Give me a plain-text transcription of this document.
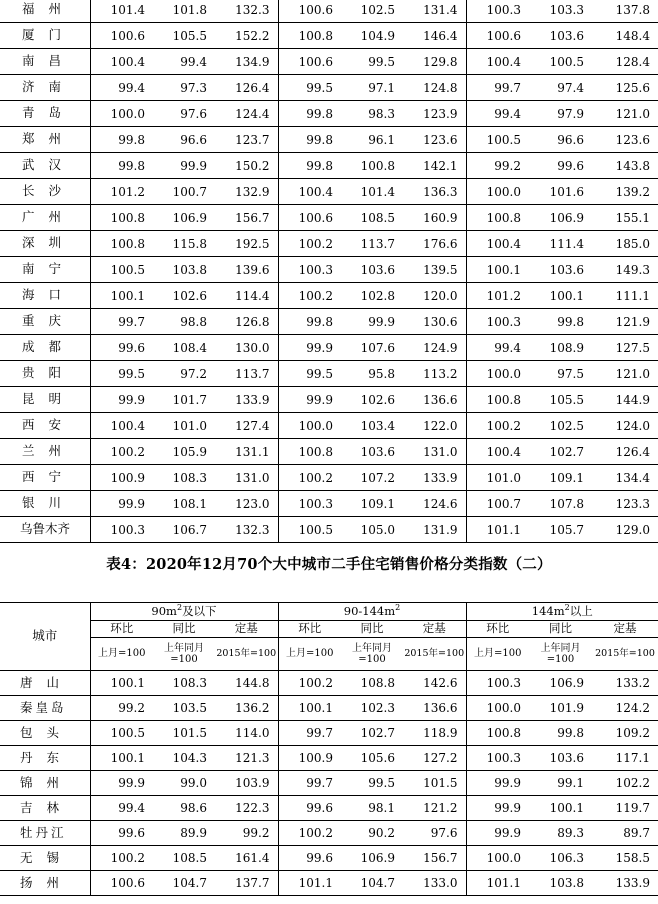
福州	101.4	101.8	132.3	100.6	102.5	131.4	100.3	103.3	137.8
厦门	100.6	105.5	152.2	100.8	104.9	146.4	100.6	103.6	148.4
南昌	100.4	99.4	134.9	100.6	99.5	129.8	100.4	100.5	128.4
济南	99.4	97.3	126.4	99.5	97.1	124.8	99.7	97.4	125.6
青岛	100.0	97.6	124.4	99.8	98.3	123.9	99.4	97.9	121.0
郑州	99.8	96.6	123.7	99.8	96.1	123.6	100.5	96.6	123.6
武汉	99.8	99.9	150.2	99.8	100.8	142.1	99.2	99.6	143.8
长沙	101.2	100.7	132.9	100.4	101.4	136.3	100.0	101.6	139.2
广州	100.8	106.9	156.7	100.6	108.5	160.9	100.8	106.9	155.1
深圳	100.8	115.8	192.5	100.2	113.7	176.6	100.4	111.4	185.0
南宁	100.5	103.8	139.6	100.3	103.6	139.5	100.1	103.6	149.3
海口	100.1	102.6	114.4	100.2	102.8	120.0	101.2	100.1	111.1
重庆	99.7	98.8	126.8	99.8	99.9	130.6	100.3	99.8	121.9
成都	99.6	108.4	130.0	99.9	107.6	124.9	99.4	108.9	127.5
贵阳	99.5	97.2	113.7	99.5	95.8	113.2	100.0	97.5	121.0
昆明	99.9	101.7	133.9	99.9	102.6	136.6	100.8	105.5	144.9
西安	100.4	101.0	127.4	100.0	103.4	122.0	100.2	102.5	124.0
兰州	100.2	105.9	131.1	100.8	103.6	131.0	100.4	102.7	126.4
西宁	100.9	108.3	131.0	100.2	107.2	133.9	101.0	109.1	134.4
银川	99.9	108.1	123.0	100.3	109.1	124.6	100.7	107.8	123.3
乌鲁木齐	100.3	106.7	132.3	100.5	105.0	131.9	101.1	105.7	129.0
表4：2020年12月70个大中城市二手住宅销售价格分类指数（二）
城市	$90m^2$及以下			$90-144m^2$			$144m^2$以上		
	环比	同比	定基	环比	同比	定基	环比	同比	定基
	上月=100	上年同月=100	2015年=100	上月=100	上年同月=100	2015年=100	上月=100	上年同月=100	2015年=100
唐山	100.1	108.3	144.8	100.2	108.8	142.6	100.3	106.9	133.2
秦皇岛	99.2	103.5	136.2	100.1	102.3	136.6	100.0	101.9	124.2
包头	100.5	101.5	114.0	99.7	102.7	118.9	100.8	99.8	109.2
丹东	100.1	104.3	121.3	100.9	105.6	127.2	100.3	103.6	117.1
锦州	99.9	99.0	103.9	99.7	99.5	101.5	99.9	99.1	102.2
吉林	99.4	98.6	122.3	99.6	98.1	121.2	99.9	100.1	119.7
牡丹江	99.6	89.9	99.2	100.2	90.2	97.6	99.9	89.3	89.7
无锡	100.2	108.5	161.4	99.6	106.9	156.7	100.0	106.3	158.5
扬州	100.6	104.7	137.7	101.1	104.7	133.0	101.1	103.8	133.9
